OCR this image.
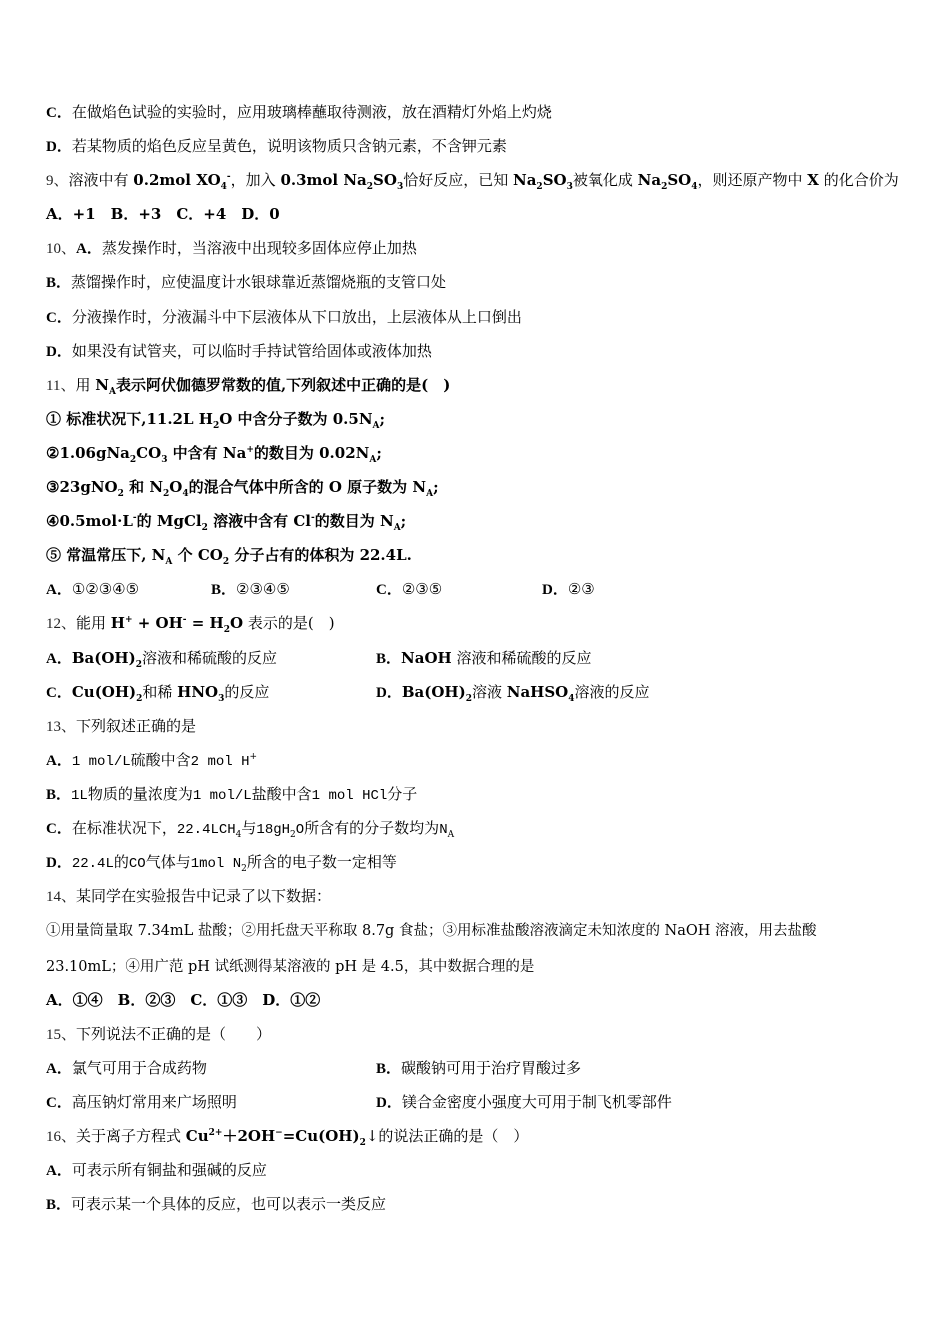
C．在做焰色试验的实验时，应用玻璃棒蘸取待测液，放在酒精灯外焰上灼烧
D．若某物质的焰色反应呈黄色，说明该物质只含钠元素，不含钾元素
9、溶液中有 0.2mol $XO_4^-$，加入 0.3mol $Na_2SO_3$恰好反应，已知 $Na_2SO_3$被氧化成 $Na_2SO_4$，则还原产物中 X 的化合价为
A．+1　B．+3　C．+4　D．0
10、A．蒸发操作时，当溶液中出现较多固体应停止加热
B．蒸馏操作时，应使温度计水银球靠近蒸馏烧瓶的支管口处
C．分液操作时，分液漏斗中下层液体从下口放出，上层液体从上口倒出
D．如果没有试管夹，可以临时手持试管给固体或液体加热
11、用 $N_A$表示阿伏伽德罗常数的值,下列叙述中正确的是(　)
① 标准状况下,11.2L $H_2O$ 中含分子数为 $0.5N_A$;
$②1.06gNa_2CO_3$ 中含有 Na+的数目为 $0.02N_A$;
③23gNO$_2$ 和 $N_2O_4$的混合气体中所含的 O 原子数为 $N_A$;
④0.5mol·L-的 MgCl$_2$ 溶液中含有 Cl-的数目为 $N_A$;
⑤ 常温常压下, $N_A$ 个 $CO_2$ 分子占有的体积为 22.4L.
A．①②③④⑤	B．②③④⑤	C．②③⑤	D．②③
12、能用 $H^+ + OH^- = H_2O$ 表示的是(　)
A．$Ba(OH)_2$溶液和稀硫酸的反应	B．NaOH 溶液和稀硫酸的反应
C．$Cu(OH)_2$和稀 $HNO_3$的反应	D．$Ba(OH)_2$溶液 NaHSO$_4$溶液的反应
13、下列叙述正确的是
A．1 mol/L硫酸中含2 mol H+
B．1L物质的量浓度为1 mol/L盐酸中含1 mol HCl分子
C．在标准状况下，$22.4LCH_4$与$18gH_2O$所含有的分子数均为$N_A$
D．22.4L的CO气体与1mol $N_2$所含的电子数一定相等
14、某同学在实验报告中记录了以下数据：
①用量筒量取 7.34mL 盐酸；②用托盘天平称取 8.7g 食盐；③用标准盐酸溶液滴定未知浓度的 NaOH 溶液，用去盐酸
23.10mL；④用广范 pH 试纸测得某溶液的 pH 是 4.5，其中数据合理的是
A．①④　B．②③　C．①③　D．①②
15、下列说法不正确的是（　　）
A．氯气可用于合成药物	B．碳酸钠可用于治疗胃酸过多
C．高压钠灯常用来广场照明	D．镁合金密度小强度大可用于制飞机零部件
16、关于离子方程式 $Cu^{2+}+2OH^-=Cu(OH)_2↓$的说法正确的是（　）
A．可表示所有铜盐和强碱的反应
B．可表示某一个具体的反应，也可以表示一类反应
